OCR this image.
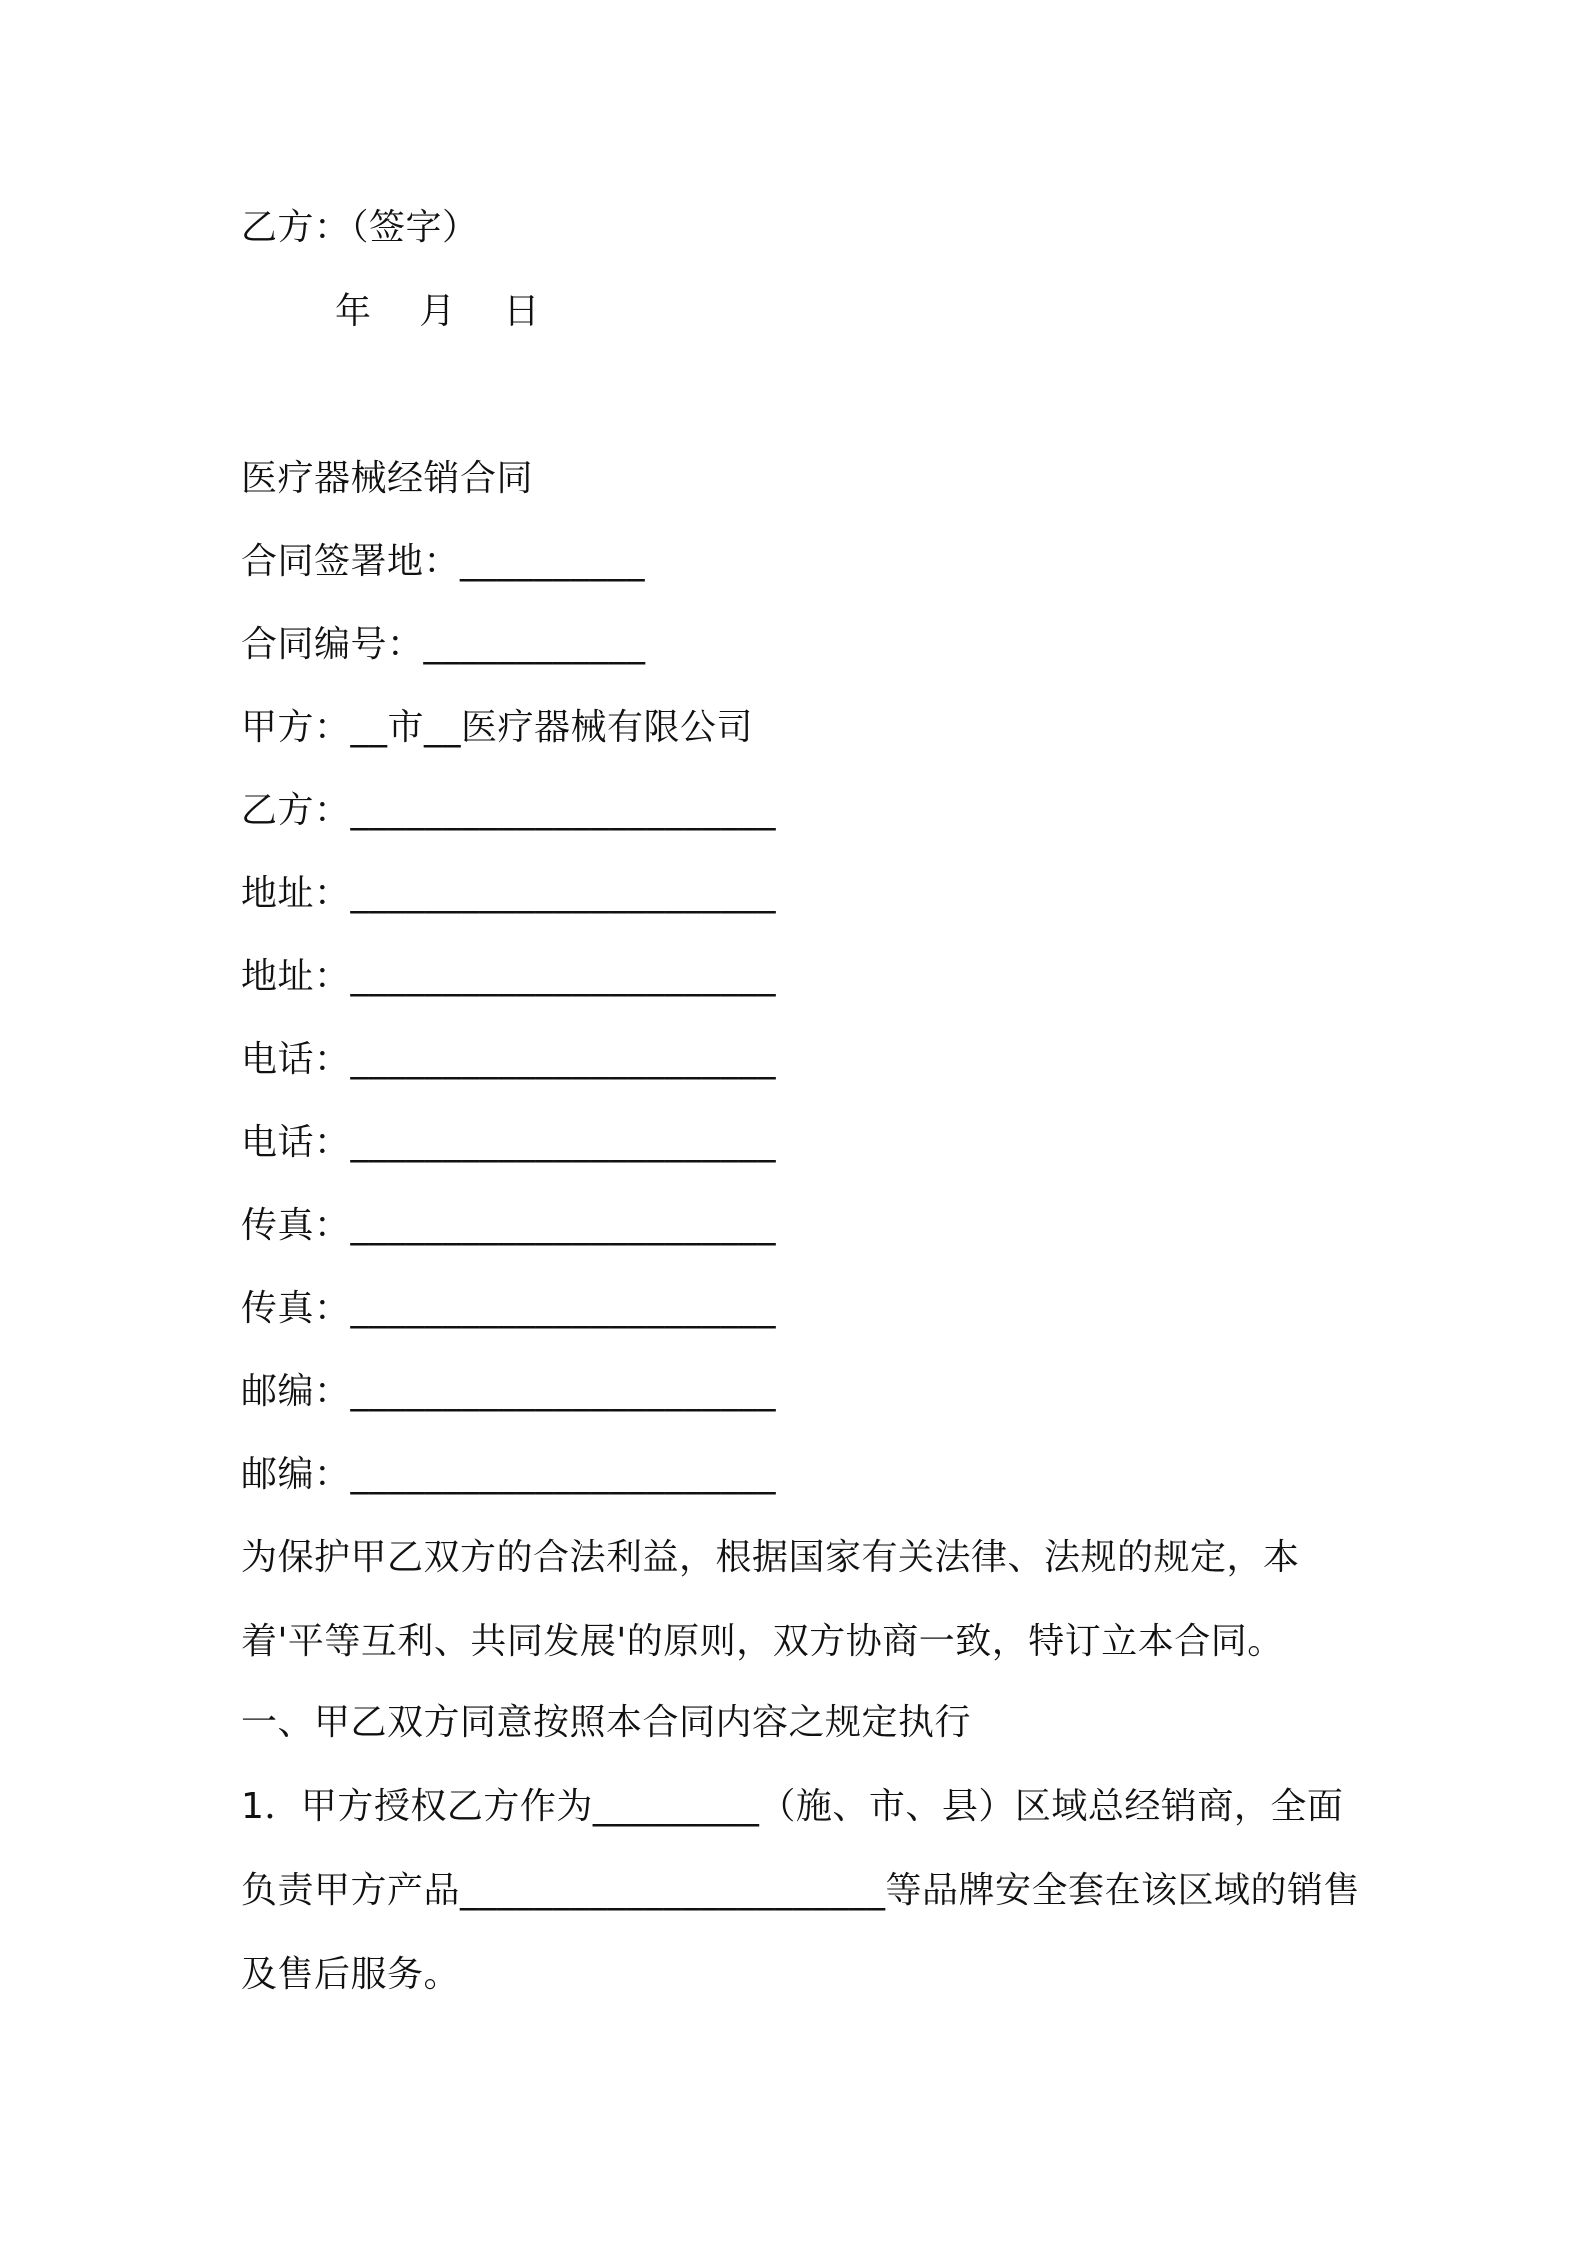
乙方：（签字）
年    月    日
医疗器械经销合同
合同签署地：__________
合同编号：____________
甲方：__市__医疗器械有限公司
乙方：_______________________
地址：_______________________
地址：_______________________
电话：_______________________
电话：_______________________
传真：_______________________
传真：_______________________
邮编：_______________________
邮编：_______________________
为保护甲乙双方的合法利益，根据国家有关法律、法规的规定，本着'平等互利、共同发展'的原则，双方协商一致，特订立本合同。
一、甲乙双方同意按照本合同内容之规定执行
1．甲方授权乙方作为_________（施、市、县）区域总经销商，全面负责甲方产品_______________________等品牌安全套在该区域的销售及售后服务。
